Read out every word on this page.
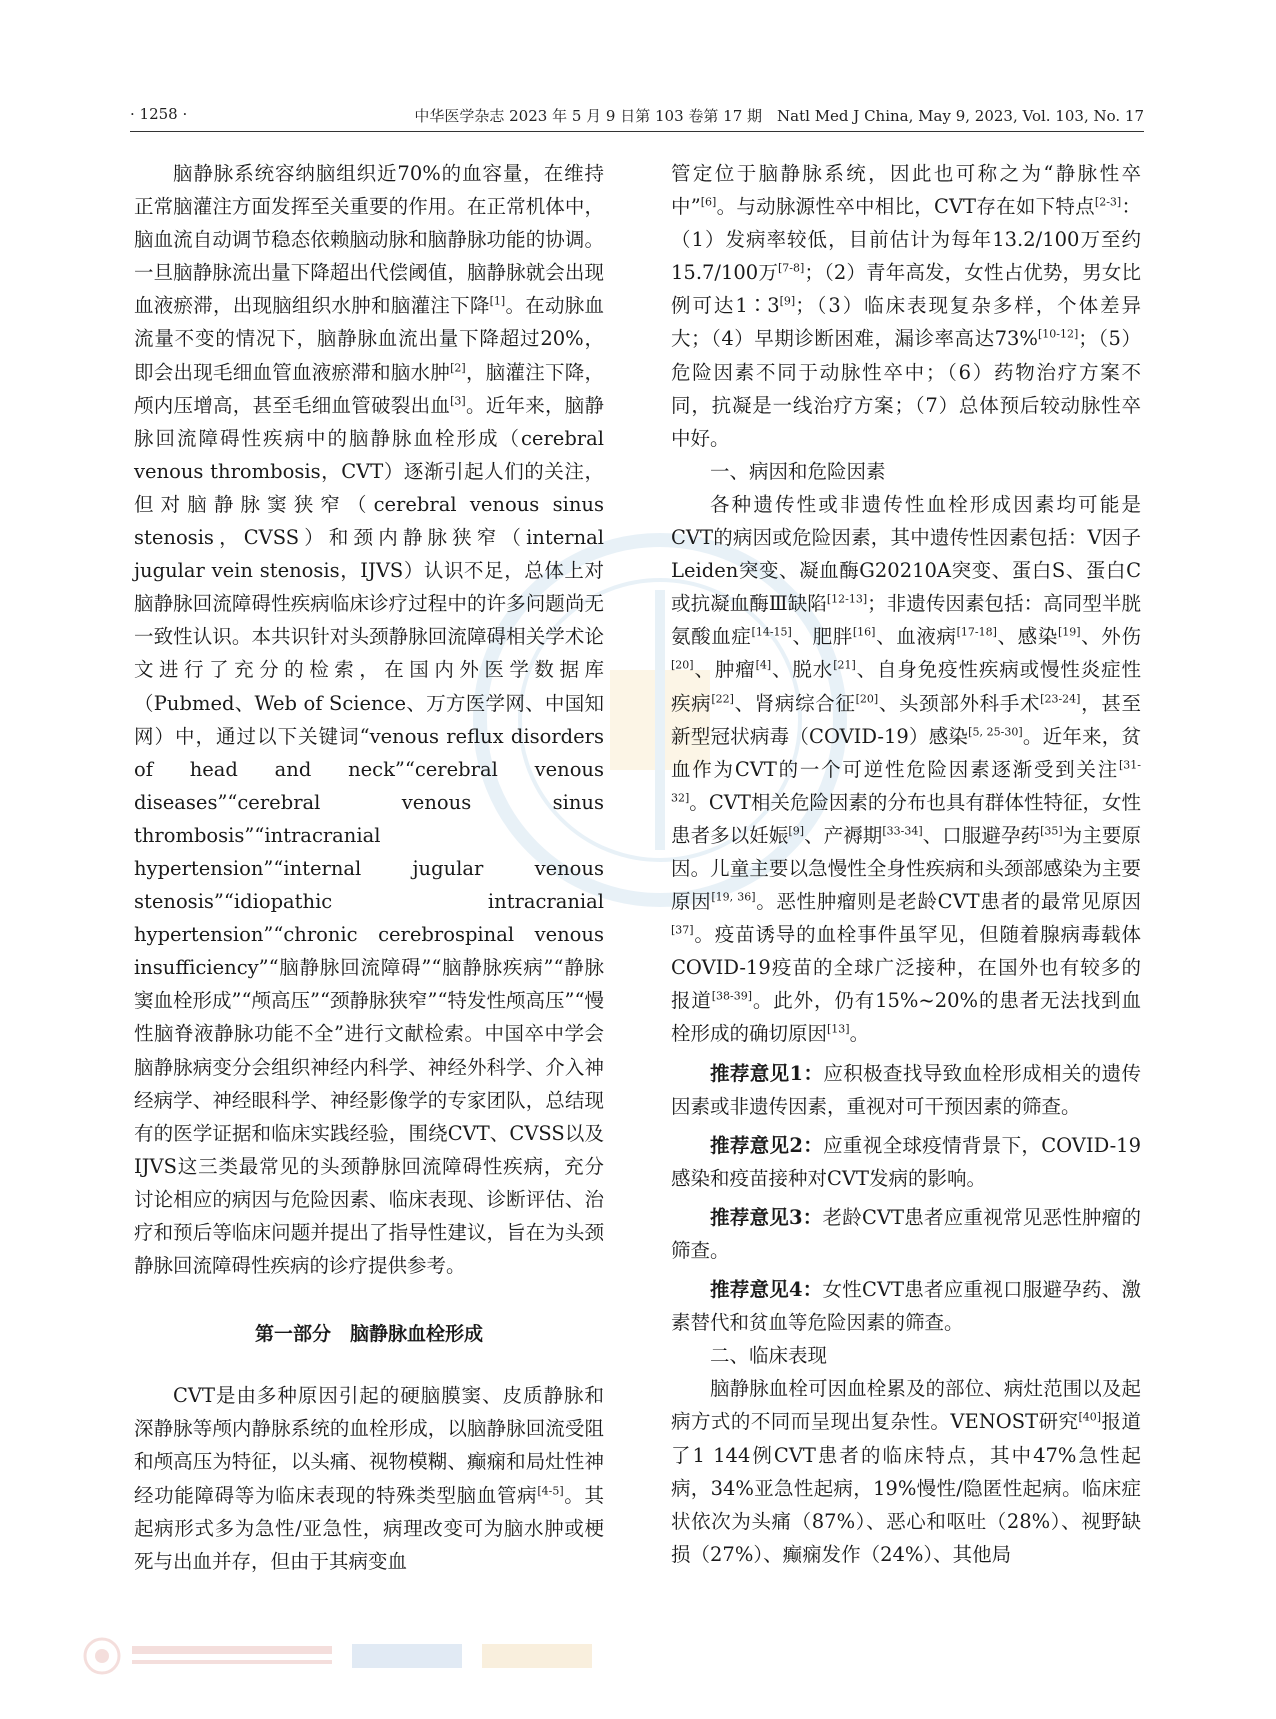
· 1258 ·	中华医学杂志 2023 年 5 月 9 日第 103 卷第 17 期　Natl Med J China, May 9, 2023, Vol. 103, No. 17

脑静脉系统容纳脑组织近70%的血容量，在维持正常脑灌注方面发挥至关重要的作用。在正常机体中，脑血流自动调节稳态依赖脑动脉和脑静脉功能的协调。一旦脑静脉流出量下降超出代偿阈值，脑静脉就会出现血液瘀滞，出现脑组织水肿和脑灌注下降[1]。在动脉血流量不变的情况下，脑静脉血流出量下降超过20%，即会出现毛细血管血液瘀滞和脑水肿[2]，脑灌注下降，颅内压增高，甚至毛细血管破裂出血[3]。近年来，脑静脉回流障碍性疾病中的脑静脉血栓形成（cerebral venous thrombosis，CVT）逐渐引起人们的关注，但对脑静脉窦狭窄（cerebral venous sinus stenosis，CVSS）和颈内静脉狭窄（internal jugular vein stenosis，IJVS）认识不足，总体上对脑静脉回流障碍性疾病临床诊疗过程中的许多问题尚无一致性认识。本共识针对头颈静脉回流障碍相关学术论文进行了充分的检索，在国内外医学数据库（Pubmed、Web of Science、万方医学网、中国知网）中，通过以下关键词“venous reflux disorders of head and neck”“cerebral venous diseases”“cerebral venous sinus thrombosis”“intracranial hypertension”“internal jugular venous stenosis”“idiopathic intracranial hypertension”“chronic cerebrospinal venous insufficiency”“脑静脉回流障碍”“脑静脉疾病”“静脉窦血栓形成”“颅高压”“颈静脉狭窄”“特发性颅高压”“慢性脑脊液静脉功能不全”进行文献检索。中国卒中学会脑静脉病变分会组织神经内科学、神经外科学、介入神经病学、神经眼科学、神经影像学的专家团队，总结现有的医学证据和临床实践经验，围绕CVT、CVSS以及IJVS这三类最常见的头颈静脉回流障碍性疾病，充分讨论相应的病因与危险因素、临床表现、诊断评估、治疗和预后等临床问题并提出了指导性建议，旨在为头颈静脉回流障碍性疾病的诊疗提供参考。

第一部分　脑静脉血栓形成

CVT是由多种原因引起的硬脑膜窦、皮质静脉和深静脉等颅内静脉系统的血栓形成，以脑静脉回流受阻和颅高压为特征，以头痛、视物模糊、癫痫和局灶性神经功能障碍等为临床表现的特殊类型脑血管病[4-5]。其起病形式多为急性/亚急性，病理改变可为脑水肿或梗死与出血并存，但由于其病变血

管定位于脑静脉系统，因此也可称之为“静脉性卒中”[6]。与动脉源性卒中相比，CVT存在如下特点[2-3]：（1）发病率较低，目前估计为每年13.2/100万至约15.7/100万[7-8]；（2）青年高发，女性占优势，男女比例可达1∶3[9]；（3）临床表现复杂多样，个体差异大；（4）早期诊断困难，漏诊率高达73%[10-12]；（5）危险因素不同于动脉性卒中；（6）药物治疗方案不同，抗凝是一线治疗方案；（7）总体预后较动脉性卒中好。

一、病因和危险因素

各种遗传性或非遗传性血栓形成因素均可能是CVT的病因或危险因素，其中遗传性因素包括：V因子Leiden突变、凝血酶G20210A突变、蛋白S、蛋白C或抗凝血酶Ⅲ缺陷[12-13]；非遗传因素包括：高同型半胱氨酸血症[14-15]、肥胖[16]、血液病[17-18]、感染[19]、外伤[20]、肿瘤[4]、脱水[21]、自身免疫性疾病或慢性炎症性疾病[22]、肾病综合征[20]、头颈部外科手术[23-24]，甚至新型冠状病毒（COVID-19）感染[5, 25-30]。近年来，贫血作为CVT的一个可逆性危险因素逐渐受到关注[31-32]。CVT相关危险因素的分布也具有群体性特征，女性患者多以妊娠[9]、产褥期[33-34]、口服避孕药[35]为主要原因。儿童主要以急慢性全身性疾病和头颈部感染为主要原因[19, 36]。恶性肿瘤则是老龄CVT患者的最常见原因[37]。疫苗诱导的血栓事件虽罕见，但随着腺病毒载体COVID-19疫苗的全球广泛接种，在国外也有较多的报道[38-39]。此外，仍有15%~20%的患者无法找到血栓形成的确切原因[13]。

推荐意见1：应积极查找导致血栓形成相关的遗传因素或非遗传因素，重视对可干预因素的筛查。

推荐意见2：应重视全球疫情背景下，COVID-19感染和疫苗接种对CVT发病的影响。

推荐意见3：老龄CVT患者应重视常见恶性肿瘤的筛查。

推荐意见4：女性CVT患者应重视口服避孕药、激素替代和贫血等危险因素的筛查。

二、临床表现

脑静脉血栓可因血栓累及的部位、病灶范围以及起病方式的不同而呈现出复杂性。VENOST研究[40]报道了1 144例CVT患者的临床特点，其中47%急性起病，34%亚急性起病，19%慢性/隐匿性起病。临床症状依次为头痛（87%）、恶心和呕吐（28%）、视野缺损（27%）、癫痫发作（24%）、其他局
